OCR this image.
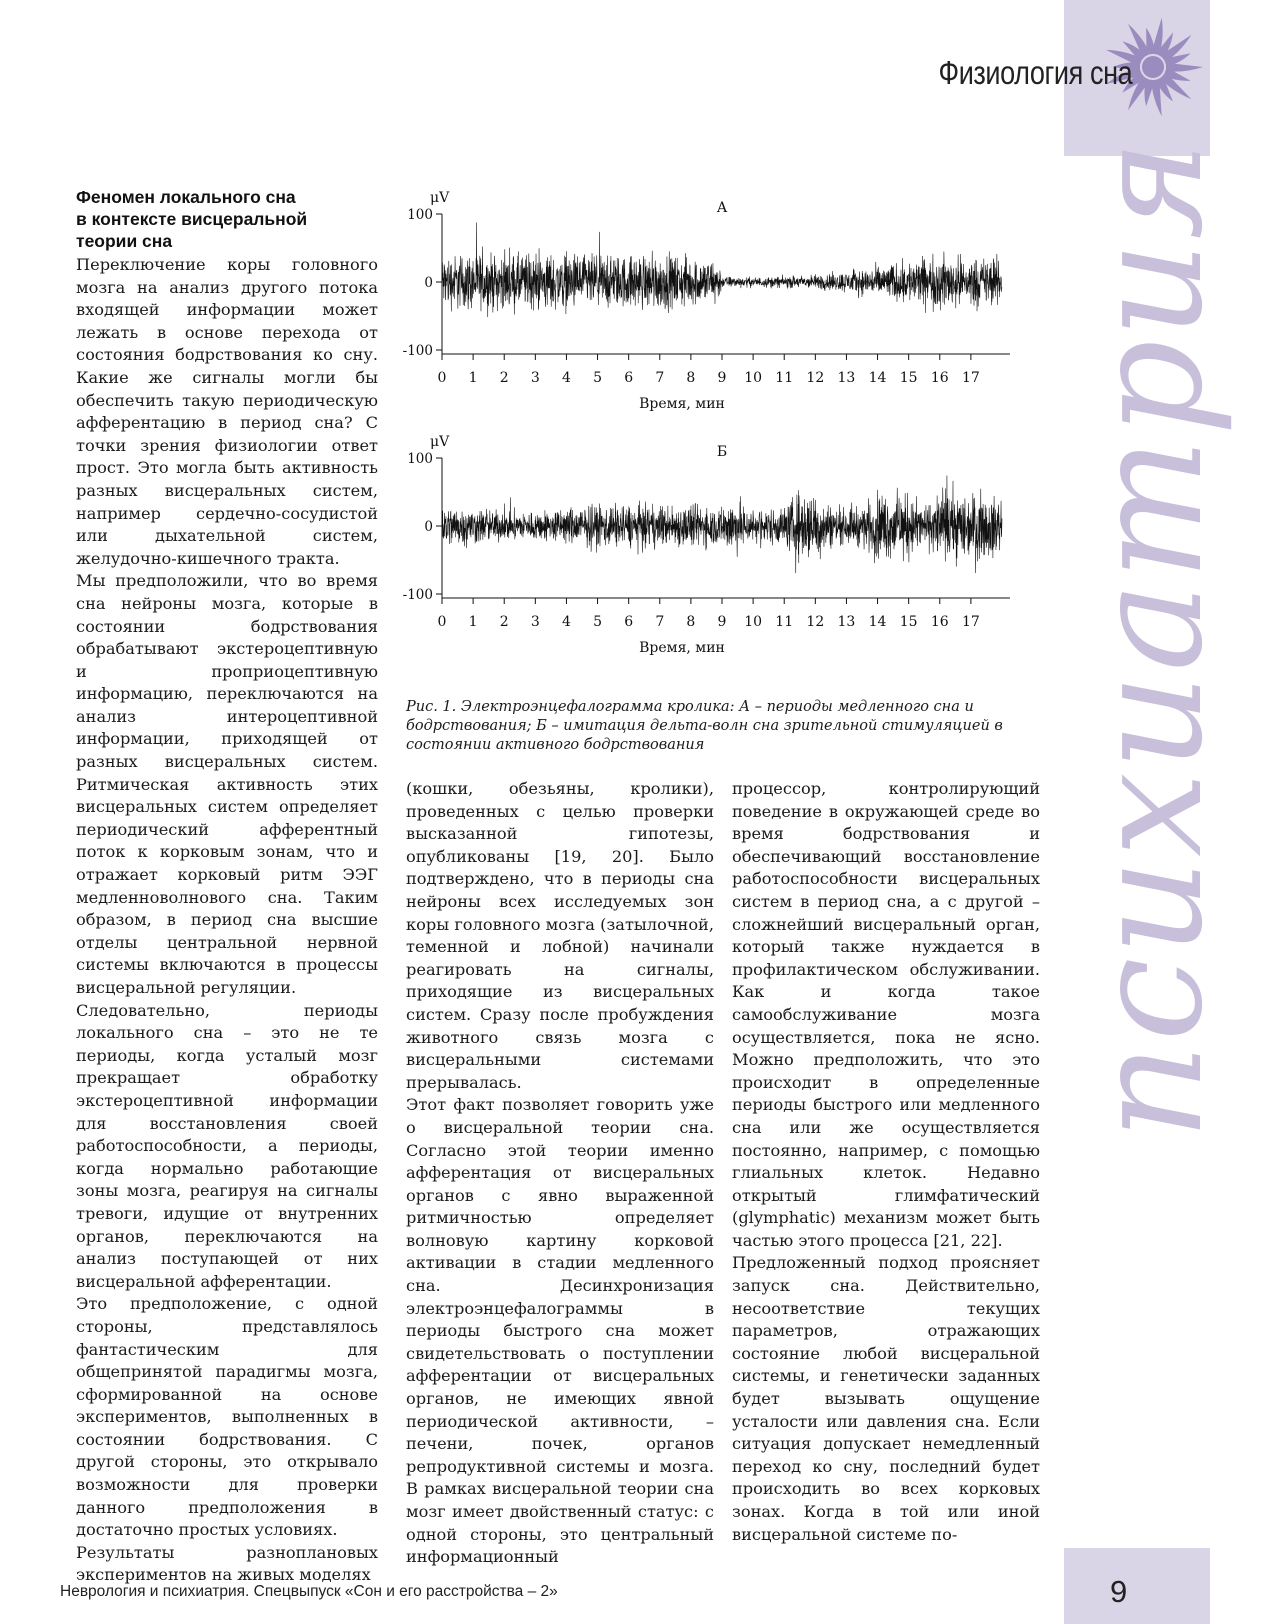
Физиология сна
психиатрия
Феномен локального сна
в контексте висцеральной
теории сна

Переключение коры головного мозга на анализ другого потока входящей информации может лежать в основе перехода от состояния бодрствования ко сну. Какие же сигналы могли бы обеспечить такую периодическую афферентацию в период сна? С точки зрения физиологии ответ прост. Это могла быть активность разных висцеральных систем, например сердечно-сосудистой или дыхательной систем, желудочно-кишечного тракта.

Мы предположили, что во время сна нейроны мозга, которые в состоянии бодрствования обрабатывают экстероцептивную и проприоцептивную информацию, переключаются на анализ интероцептивной информации, приходящей от разных висцеральных систем. Ритмическая активность этих висцеральных систем определяет периодический афферентный поток к корковым зонам, что и отражает корковый ритм ЭЭГ медленноволнового сна. Таким образом, в период сна высшие отделы центральной нервной системы включаются в процессы висцеральной регуляции.

Следовательно, периоды локального сна – это не те периоды, когда усталый мозг прекращает обработку экстероцептивной информации для восстановления своей работоспособности, а периоды, когда нормально работающие зоны мозга, реагируя на сигналы тревоги, идущие от внутренних органов, переключаются на анализ поступающей от них висцеральной афферентации.

Это предположение, с одной стороны, представлялось фантастическим для общепринятой парадигмы мозга, сформированной на основе экспериментов, выполненных в состоянии бодрствования. С другой стороны, это открывало возможности для проверки данного предположения в достаточно простых условиях.

Результаты разноплановых экспериментов на живых моделях

μV
А
100
0
-100
0 1 2 3 4 5 6 7 8 9 10 11 12 13 14 15 16 17
Время, мин
μV
Б
100
0
-100
0 1 2 3 4 5 6 7 8 9 10 11 12 13 14 15 16 17
Время, мин
Рис. 1. Электроэнцефалограмма кролика: А – периоды медленного сна и бодрствования; Б – имитация дельта-волн сна зрительной стимуляцией в состоянии активного бодрствования

(кошки, обезьяны, кролики), проведенных с целью проверки высказанной гипотезы, опубликованы [19, 20]. Было подтверждено, что в периоды сна нейроны всех исследуемых зон коры головного мозга (затылочной, теменной и лобной) начинали реагировать на сигналы, приходящие из висцеральных систем. Сразу после пробуждения животного связь мозга с висцеральными системами прерывалась.

Этот факт позволяет говорить уже о висцеральной теории сна. Согласно этой теории именно афферентация от висцеральных органов с явно выраженной ритмичностью определяет волновую картину корковой активации в стадии медленного сна. Десинхронизация электроэнцефалограммы в периоды быстрого сна может свидетельствовать о поступлении афферентации от висцеральных органов, не имеющих явной периодической активности, – печени, почек, органов репродуктивной системы и мозга. В рамках висцеральной теории сна мозг имеет двойственный статус: с одной стороны, это центральный информационный

процессор, контролирующий поведение в окружающей среде во время бодрствования и обеспечивающий восстановление работоспособности висцеральных систем в период сна, а с другой – сложнейший висцеральный орган, который также нуждается в профилактическом обслуживании. Как и когда такое самообслуживание мозга осуществляется, пока не ясно. Можно предположить, что это происходит в определенные периоды быстрого или медленного сна или же осуществляется постоянно, например, с помощью глиальных клеток. Недавно открытый глимфатический (glymphatic) механизм может быть частью этого процесса [21, 22].

Предложенный подход проясняет запуск сна. Действительно, несоответствие текущих параметров, отражающих состояние любой висцеральной системы, и генетически заданных будет вызывать ощущение усталости или давления сна. Если ситуация допускает немедленный переход ко сну, последний будет происходить во всех корковых зонах. Когда в той или иной висцеральной системе по-

Неврология и психиатрия. Спецвыпуск «Сон и его расстройства – 2»	9
